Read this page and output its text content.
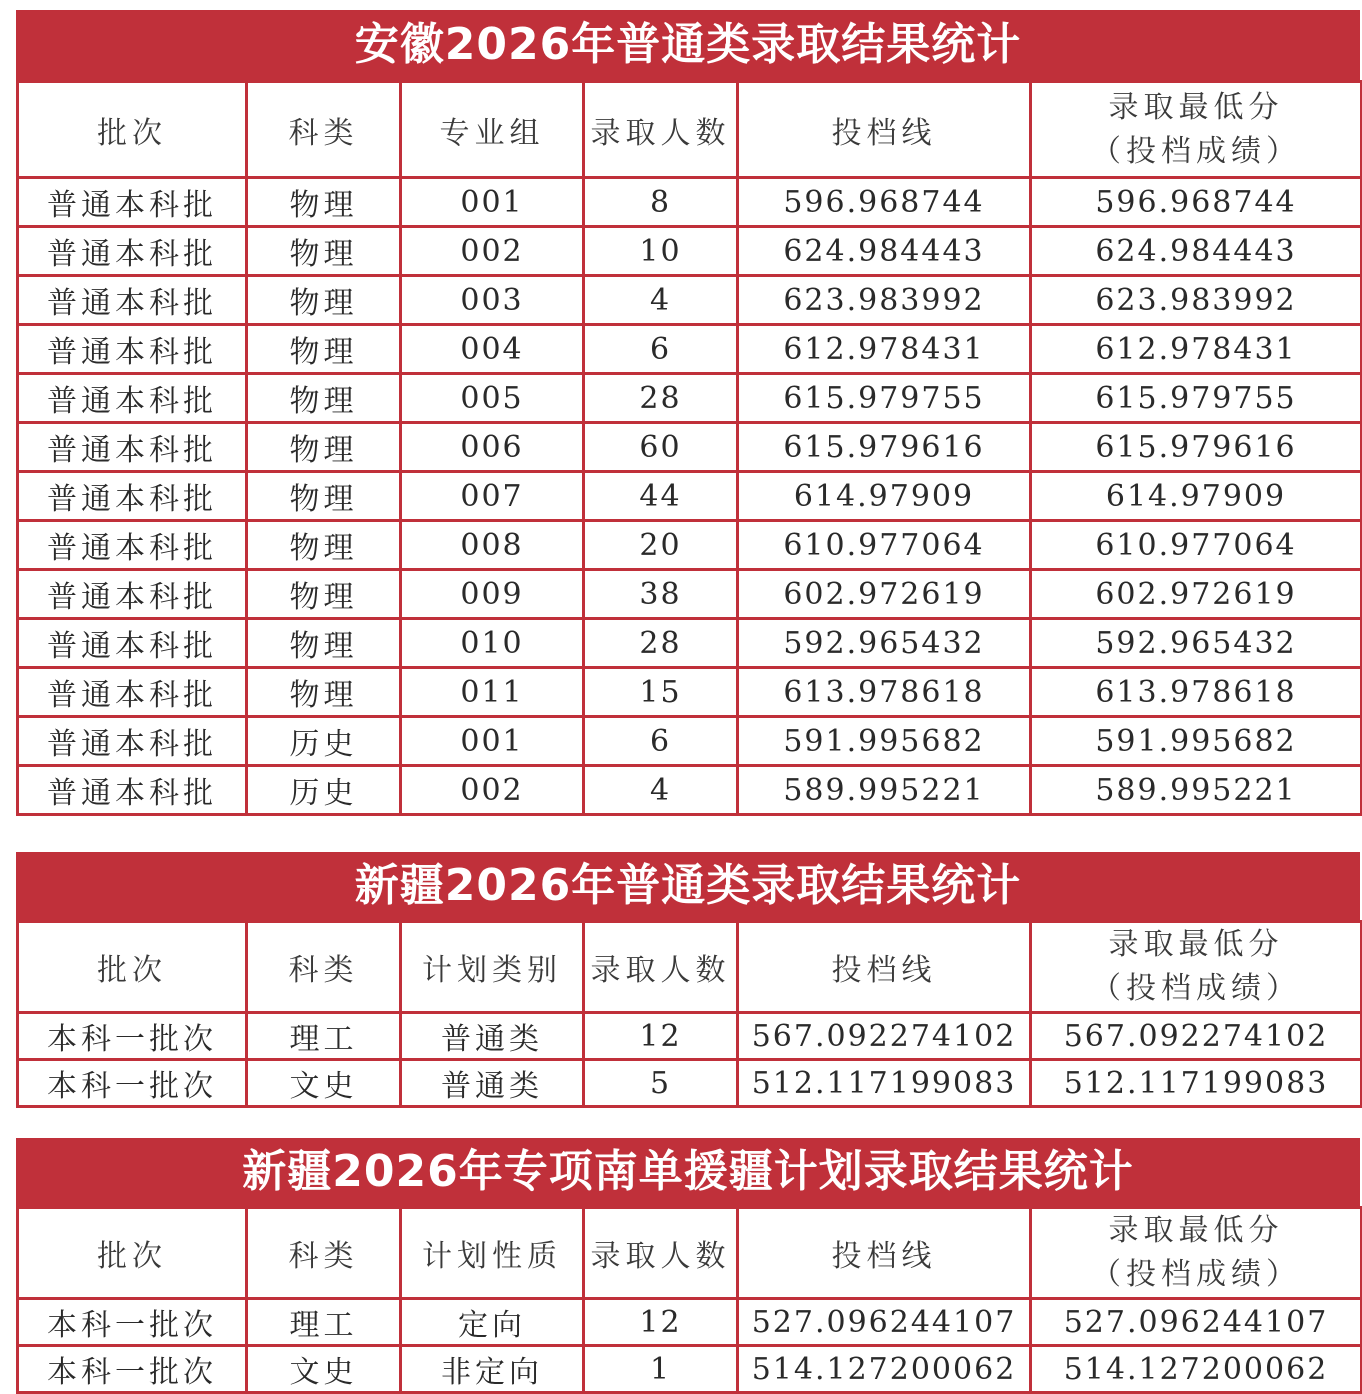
安徽2026年普通类录取结果统计
批次	科类	专业组	录取人数	投档线	录取最低分
（投档成绩）

普通本科批	物理	001	8	596.968744	596.968744
普通本科批	物理	002	10	624.984443	624.984443
普通本科批	物理	003	4	623.983992	623.983992
普通本科批	物理	004	6	612.978431	612.978431
普通本科批	物理	005	28	615.979755	615.979755
普通本科批	物理	006	60	615.979616	615.979616
普通本科批	物理	007	44	614.97909	614.97909
普通本科批	物理	008	20	610.977064	610.977064
普通本科批	物理	009	38	602.972619	602.972619
普通本科批	物理	010	28	592.965432	592.965432
普通本科批	物理	011	15	613.978618	613.978618
普通本科批	历史	001	6	591.995682	591.995682
普通本科批	历史	002	4	589.995221	589.995221
新疆2026年普通类录取结果统计
批次	科类	计划类别	录取人数	投档线	录取最低分
（投档成绩）

本科一批次	理工	普通类	12	567.092274102	567.092274102
本科一批次	文史	普通类	5	512.117199083	512.117199083
新疆2026年专项南单援疆计划录取结果统计
批次	科类	计划性质	录取人数	投档线	录取最低分
（投档成绩）

本科一批次	理工	定向	12	527.096244107	527.096244107
本科一批次	文史	非定向	1	514.127200062	514.127200062
